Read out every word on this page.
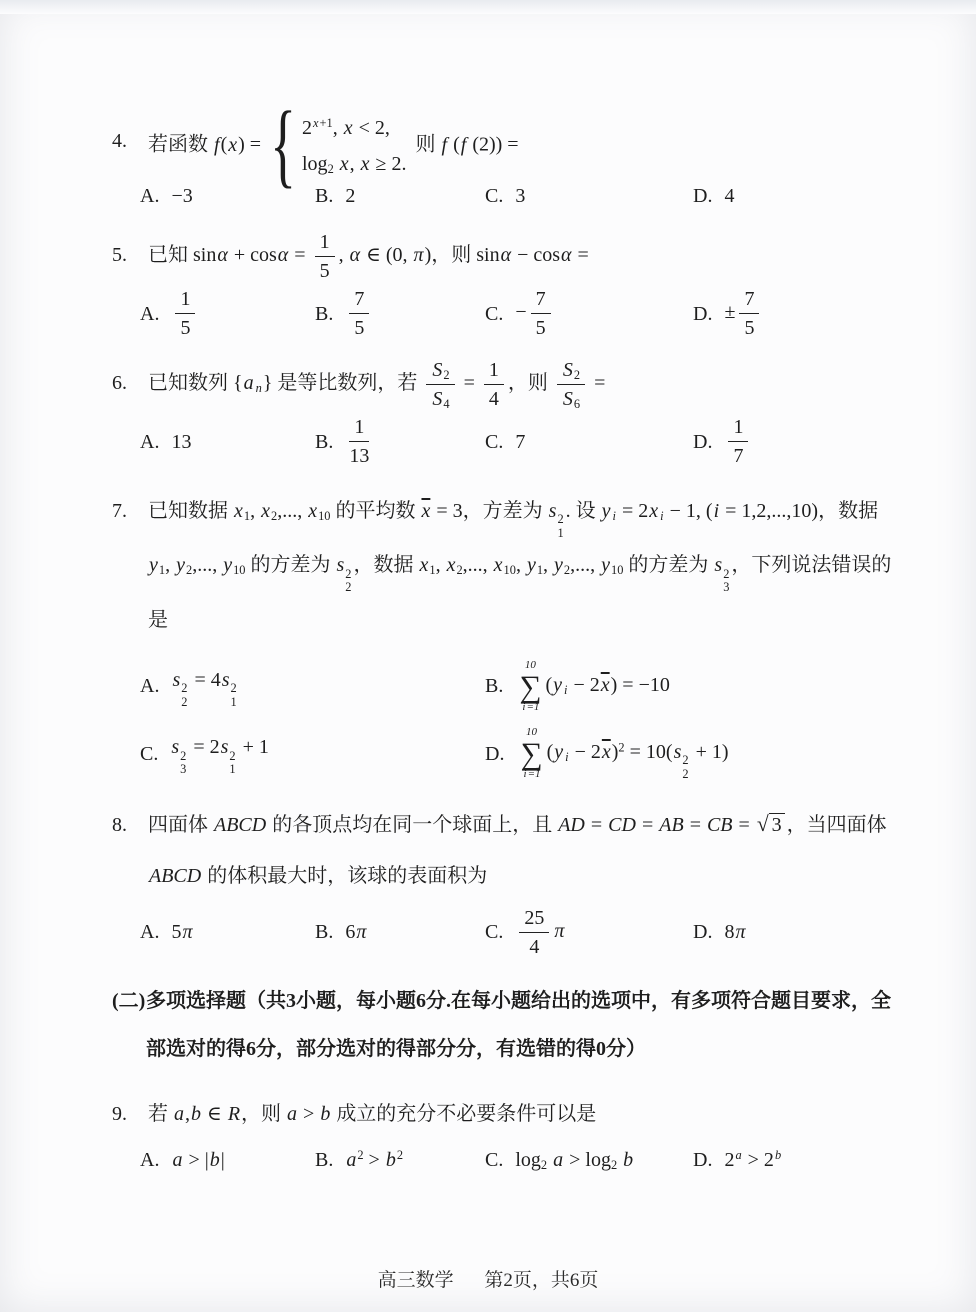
4.	若函数 f(x) = { $2^{x+1}$, x < 2,
log2 x, x ≥ 2.
则 f (f (2)) =
A. −3	B. 2	C. 3	D. 4
5.	已知 $\sin\alpha + \cos\alpha = \frac{1}{5}$ , α ∈ (0, π)，则 sinα − cosα =
A. $\frac{1}{5}$	B. $\frac{7}{5}$	C. − $\frac{7}{5}$	D. ± $\frac{7}{5}$
6.	已知数列 {a n} 是等比数列，若 $\frac{S2}{S4} = \frac{1}{4}$ ，则 $\frac{S2}{S6}$ =
A. 13	B. $\frac{1}{13}$	C. 7	D. $\frac{1}{7}$
7.	已知数据 x1, x2,..., x10 的平均数 $\overline{x} = 3$，方差为 s 2
1
. 设 y i = 2x i − 1, (i = 1,2,...,10)，数据 y1, y2,..., y10 的方差为 s 2
2
，数据 x1, x2,..., x10, y1, y2,..., y10 的方差为 s 2
3
，下列说法错误的是
A. s 2
2
= 4s 2
1
B.
10
∑
i=1
(y $i - 2\overline{x}) = -10$
C. s 2
3
= 2s 2
1
+ 1	D.
10
∑
i=1
(y $i - 2\overline{x})^2 = 10(s$ 2
2
+ 1)
8.	四面体 ABCD 的各顶点均在同一个球面上，且 AD = CD = AB = CB = √ 3 ，当四面体 ABCD 的体积最大时，该球的表面积为
A. 5π	B. 6π	C. $\frac{25}{4}$ π	D. 8π
(二) 多项选择题（共3小题，每小题6分.在每小题给出的选项中，有多项符合题目要求，全部选对的得6分，部分选对的得部分分，有选错的得0分）
9.	若 a,b ∈ R，则 a > b 成立的充分不必要条件可以是
A. a > |b|	B. $a^2 > b^2$	C. log2 a > log2 b	D. $2^a > 2^b$
高三数学 第2页，共6页
